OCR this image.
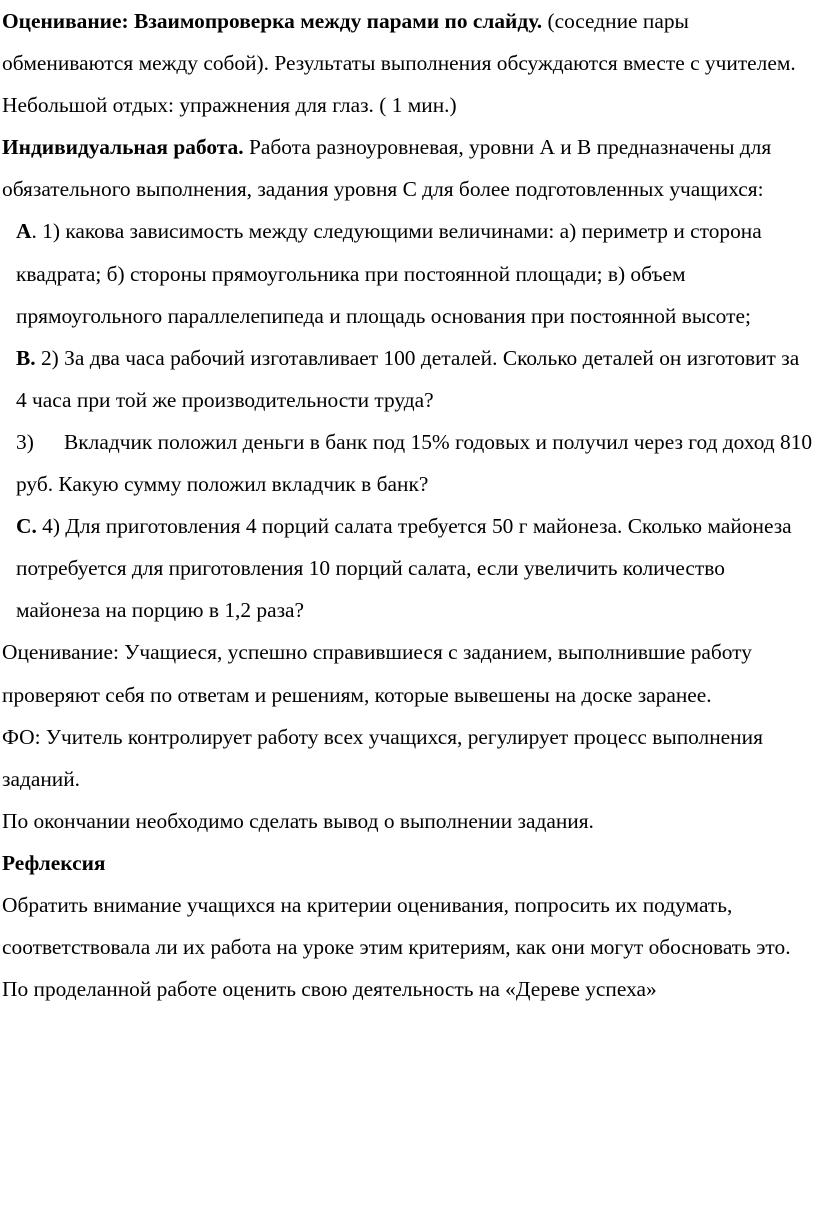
Оценивание: Взаимопроверка между парами по слайду. (соседние пары обмениваются между собой). Результаты выполнения обсуждаются вместе с учителем.

Небольшой отдых: упражнения для глаз. ( 1 мин.)

Индивидуальная работа. Работа разноуровневая, уровни А и В предназначены для обязательного выполнения, задания уровня С для более подготовленных учащихся:

А. 1) какова зависимость между следующими величинами: а) периметр и сторона квадрата; б) стороны прямоугольника при постоянной площади; в) объем прямоугольного параллелепипеда и площадь основания при постоянной высоте;

В. 2) За два часа рабочий изготавливает 100 деталей. Сколько деталей он изготовит за 4 часа при той же производительности труда?

3) Вкладчик положил деньги в банк под 15% годовых и получил через год доход 810 руб. Какую сумму положил вкладчик в банк?

С. 4) Для приготовления 4 порций салата требуется 50 г майонеза. Сколько майонеза потребуется для приготовления 10 порций салата, если увеличить количество майонеза на порцию в 1,2 раза?

Оценивание: Учащиеся, успешно справившиеся с заданием, выполнившие работу проверяют себя по ответам и решениям, которые вывешены на доске заранее.

ФО: Учитель контролирует работу всех учащихся, регулирует процесс выполнения заданий.

По окончании необходимо сделать вывод о выполнении задания.

Рефлексия

Обратить внимание учащихся на критерии оценивания, попросить их подумать, соответствовала ли их работа на уроке этим критериям, как они могут обосновать это. По проделанной работе оценить свою деятельность на «Дереве успеха»
